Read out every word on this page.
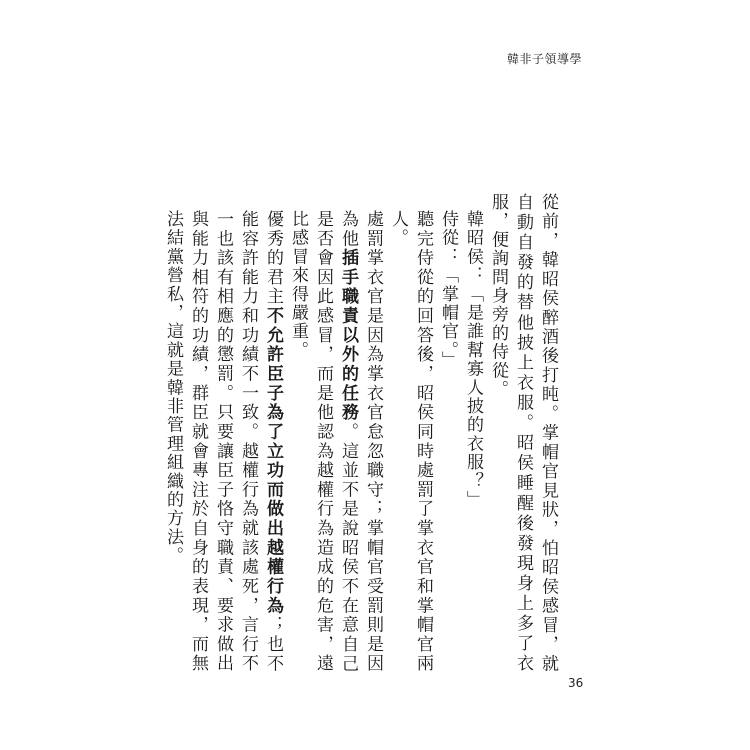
韓非子領導學

從前，韓昭侯醉酒後打盹。掌帽官見狀，怕昭侯感冒，就自動自發的替他披上衣服。昭侯睡醒後發現身上多了衣服，便詢問身旁的侍從。

韓昭侯：「是誰幫寡人披的衣服？」

侍從：「掌帽官。」

聽完侍從的回答後，昭侯同時處罰了掌衣官和掌帽官兩人。

處罰掌衣官是因為掌衣官怠忽職守；掌帽官受罰則是因為他插手職責以外的任務。這並不是說昭侯不在意自己是否會因此感冒，而是他認為越權行為造成的危害，遠比感冒來得嚴重。

優秀的君主不允許臣子為了立功而做出越權行為；也不能容許能力和功績不一致。越權行為就該處死，言行不一也該有相應的懲罰。只要讓臣子恪守職責、要求做出與能力相符的功績，群臣就會專注於自身的表現，而無法結黨營私，這就是韓非管理組織的方法。

36
